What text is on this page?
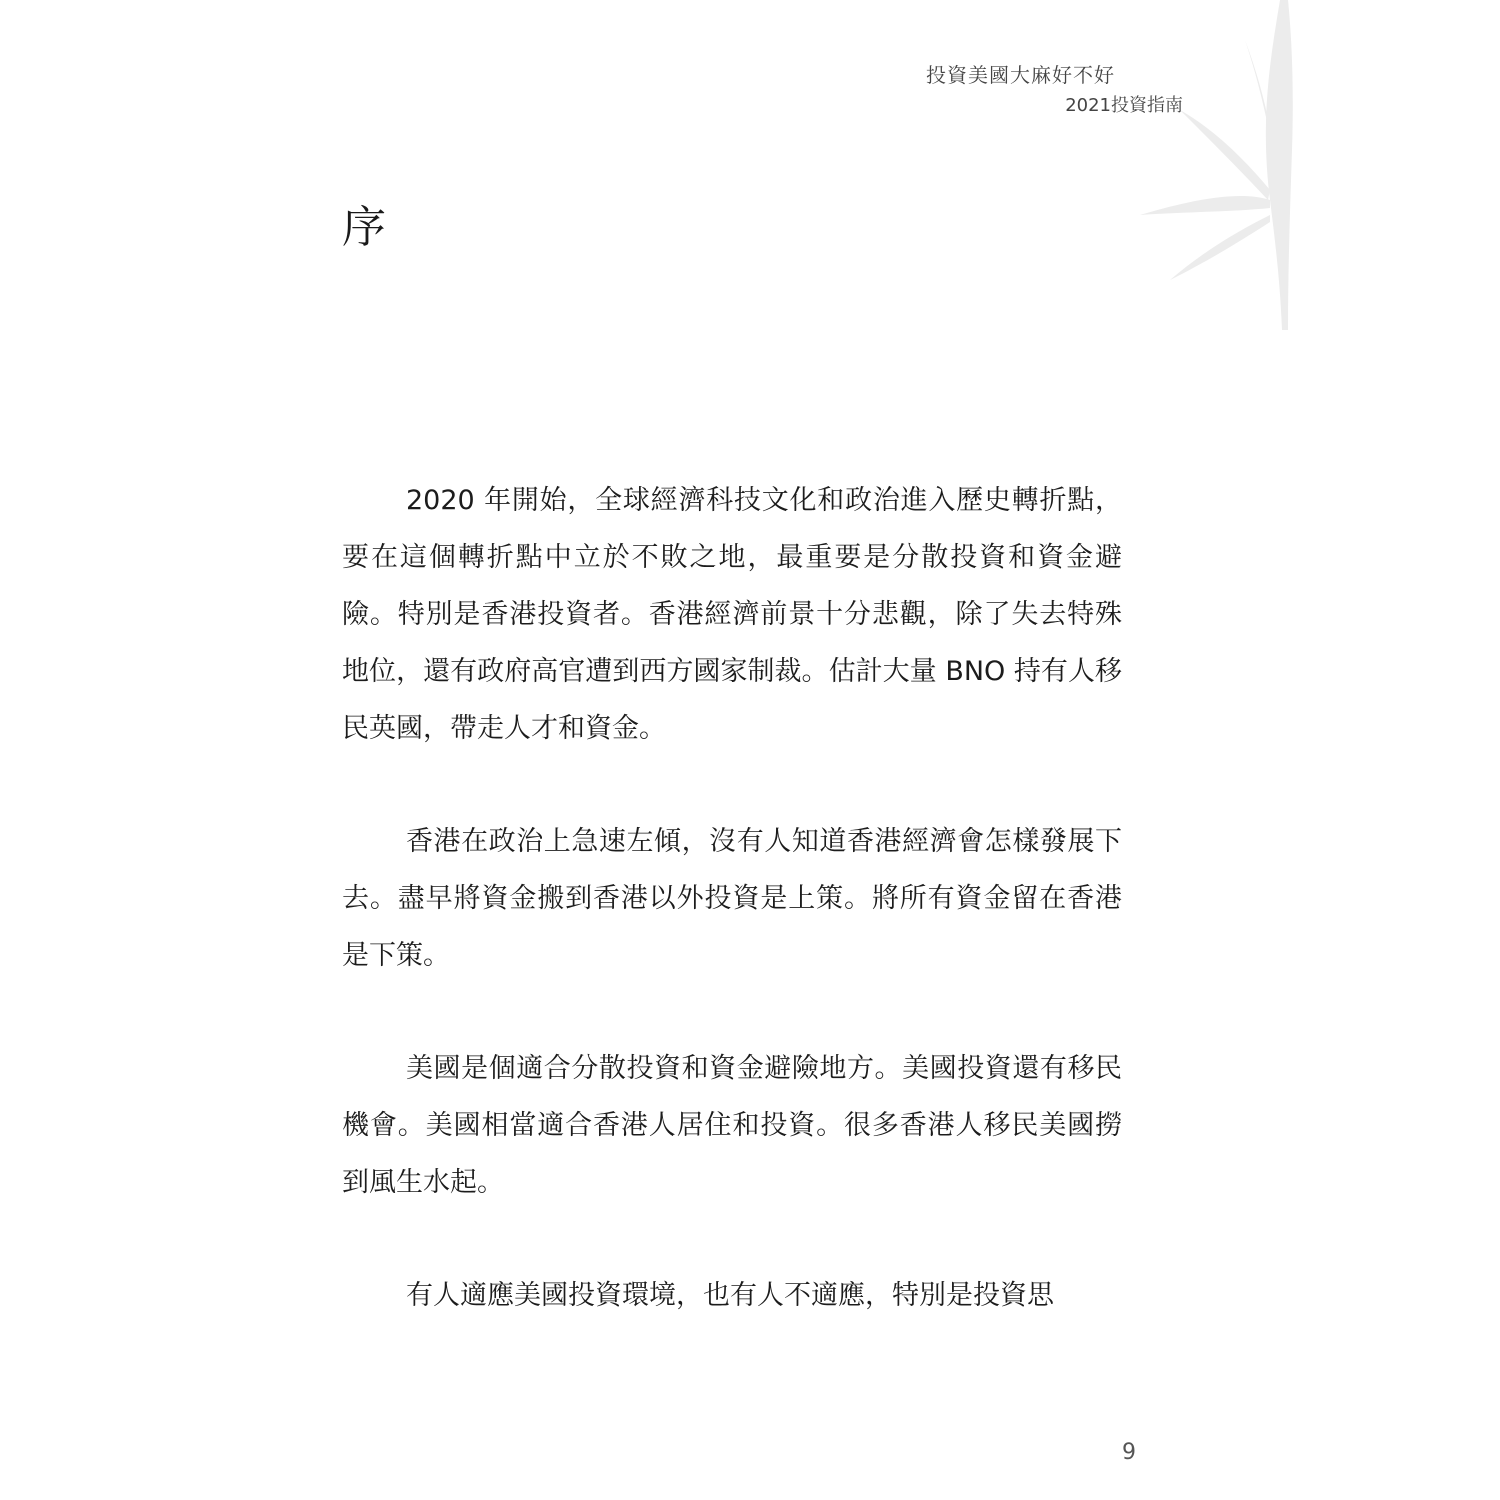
投資美國大麻好不好
2021投資指南
序

2020 年開始，全球經濟科技文化和政治進入歷史轉折點，要在這個轉折點中立於不敗之地，最重要是分散投資和資金避險。特別是香港投資者。香港經濟前景十分悲觀，除了失去特殊地位，還有政府高官遭到西方國家制裁。估計大量 BNO 持有人移民英國，帶走人才和資金。

香港在政治上急速左傾，沒有人知道香港經濟會怎樣發展下去。盡早將資金搬到香港以外投資是上策。將所有資金留在香港是下策。

美國是個適合分散投資和資金避險地方。美國投資還有移民機會。美國相當適合香港人居住和投資。很多香港人移民美國撈到風生水起。

有人適應美國投資環境，也有人不適應，特別是投資思

9
